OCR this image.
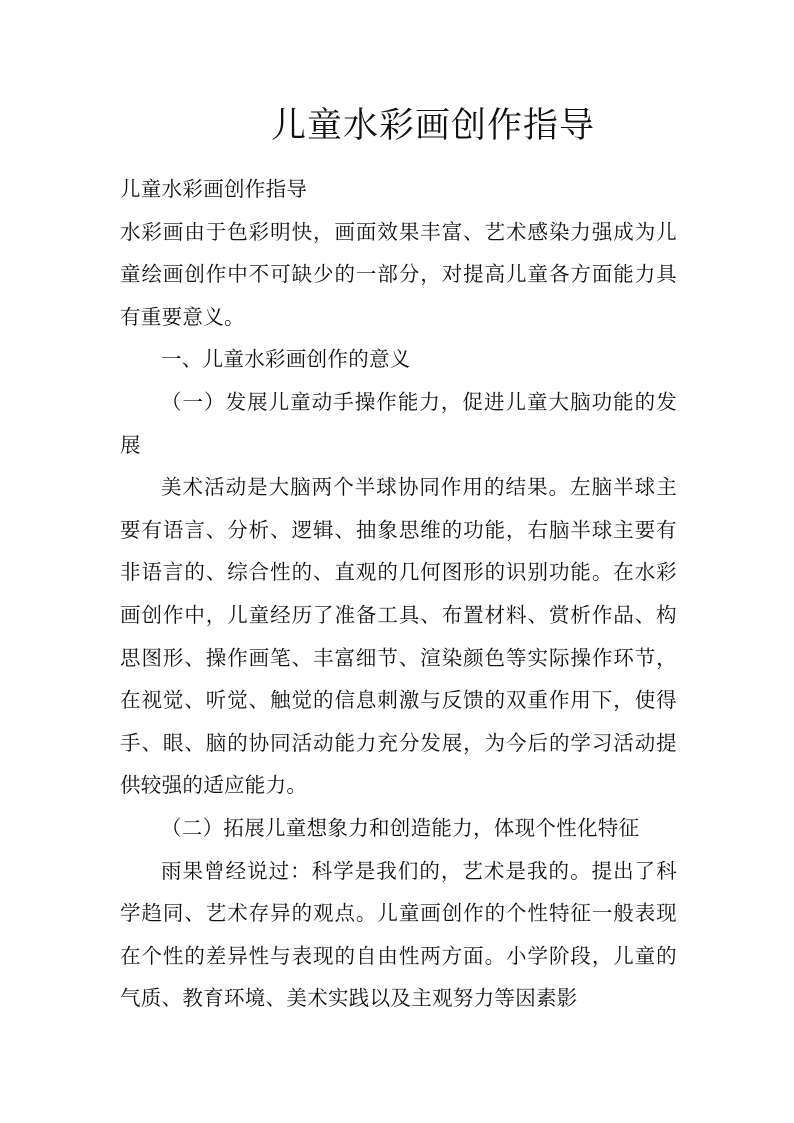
儿童水彩画创作指导

儿童水彩画创作指导

水彩画由于色彩明快，画面效果丰富、艺术感染力强成为儿童绘画创作中不可缺少的一部分，对提高儿童各方面能力具有重要意义。

一、儿童水彩画创作的意义

（一）发展儿童动手操作能力，促进儿童大脑功能的发展

美术活动是大脑两个半球协同作用的结果。左脑半球主要有语言、分析、逻辑、抽象思维的功能，右脑半球主要有非语言的、综合性的、直观的几何图形的识别功能。在水彩画创作中，儿童经历了准备工具、布置材料、赏析作品、构思图形、操作画笔、丰富细节、渲染颜色等实际操作环节，在视觉、听觉、触觉的信息刺激与反馈的双重作用下，使得手、眼、脑的协同活动能力充分发展，为今后的学习活动提供较强的适应能力。

（二）拓展儿童想象力和创造能力，体现个性化特征

雨果曾经说过：科学是我们的，艺术是我的。提出了科学趋同、艺术存异的观点。儿童画创作的个性特征一般表现在个性的差异性与表现的自由性两方面。小学阶段，儿童的气质、教育环境、美术实践以及主观努力等因素影
